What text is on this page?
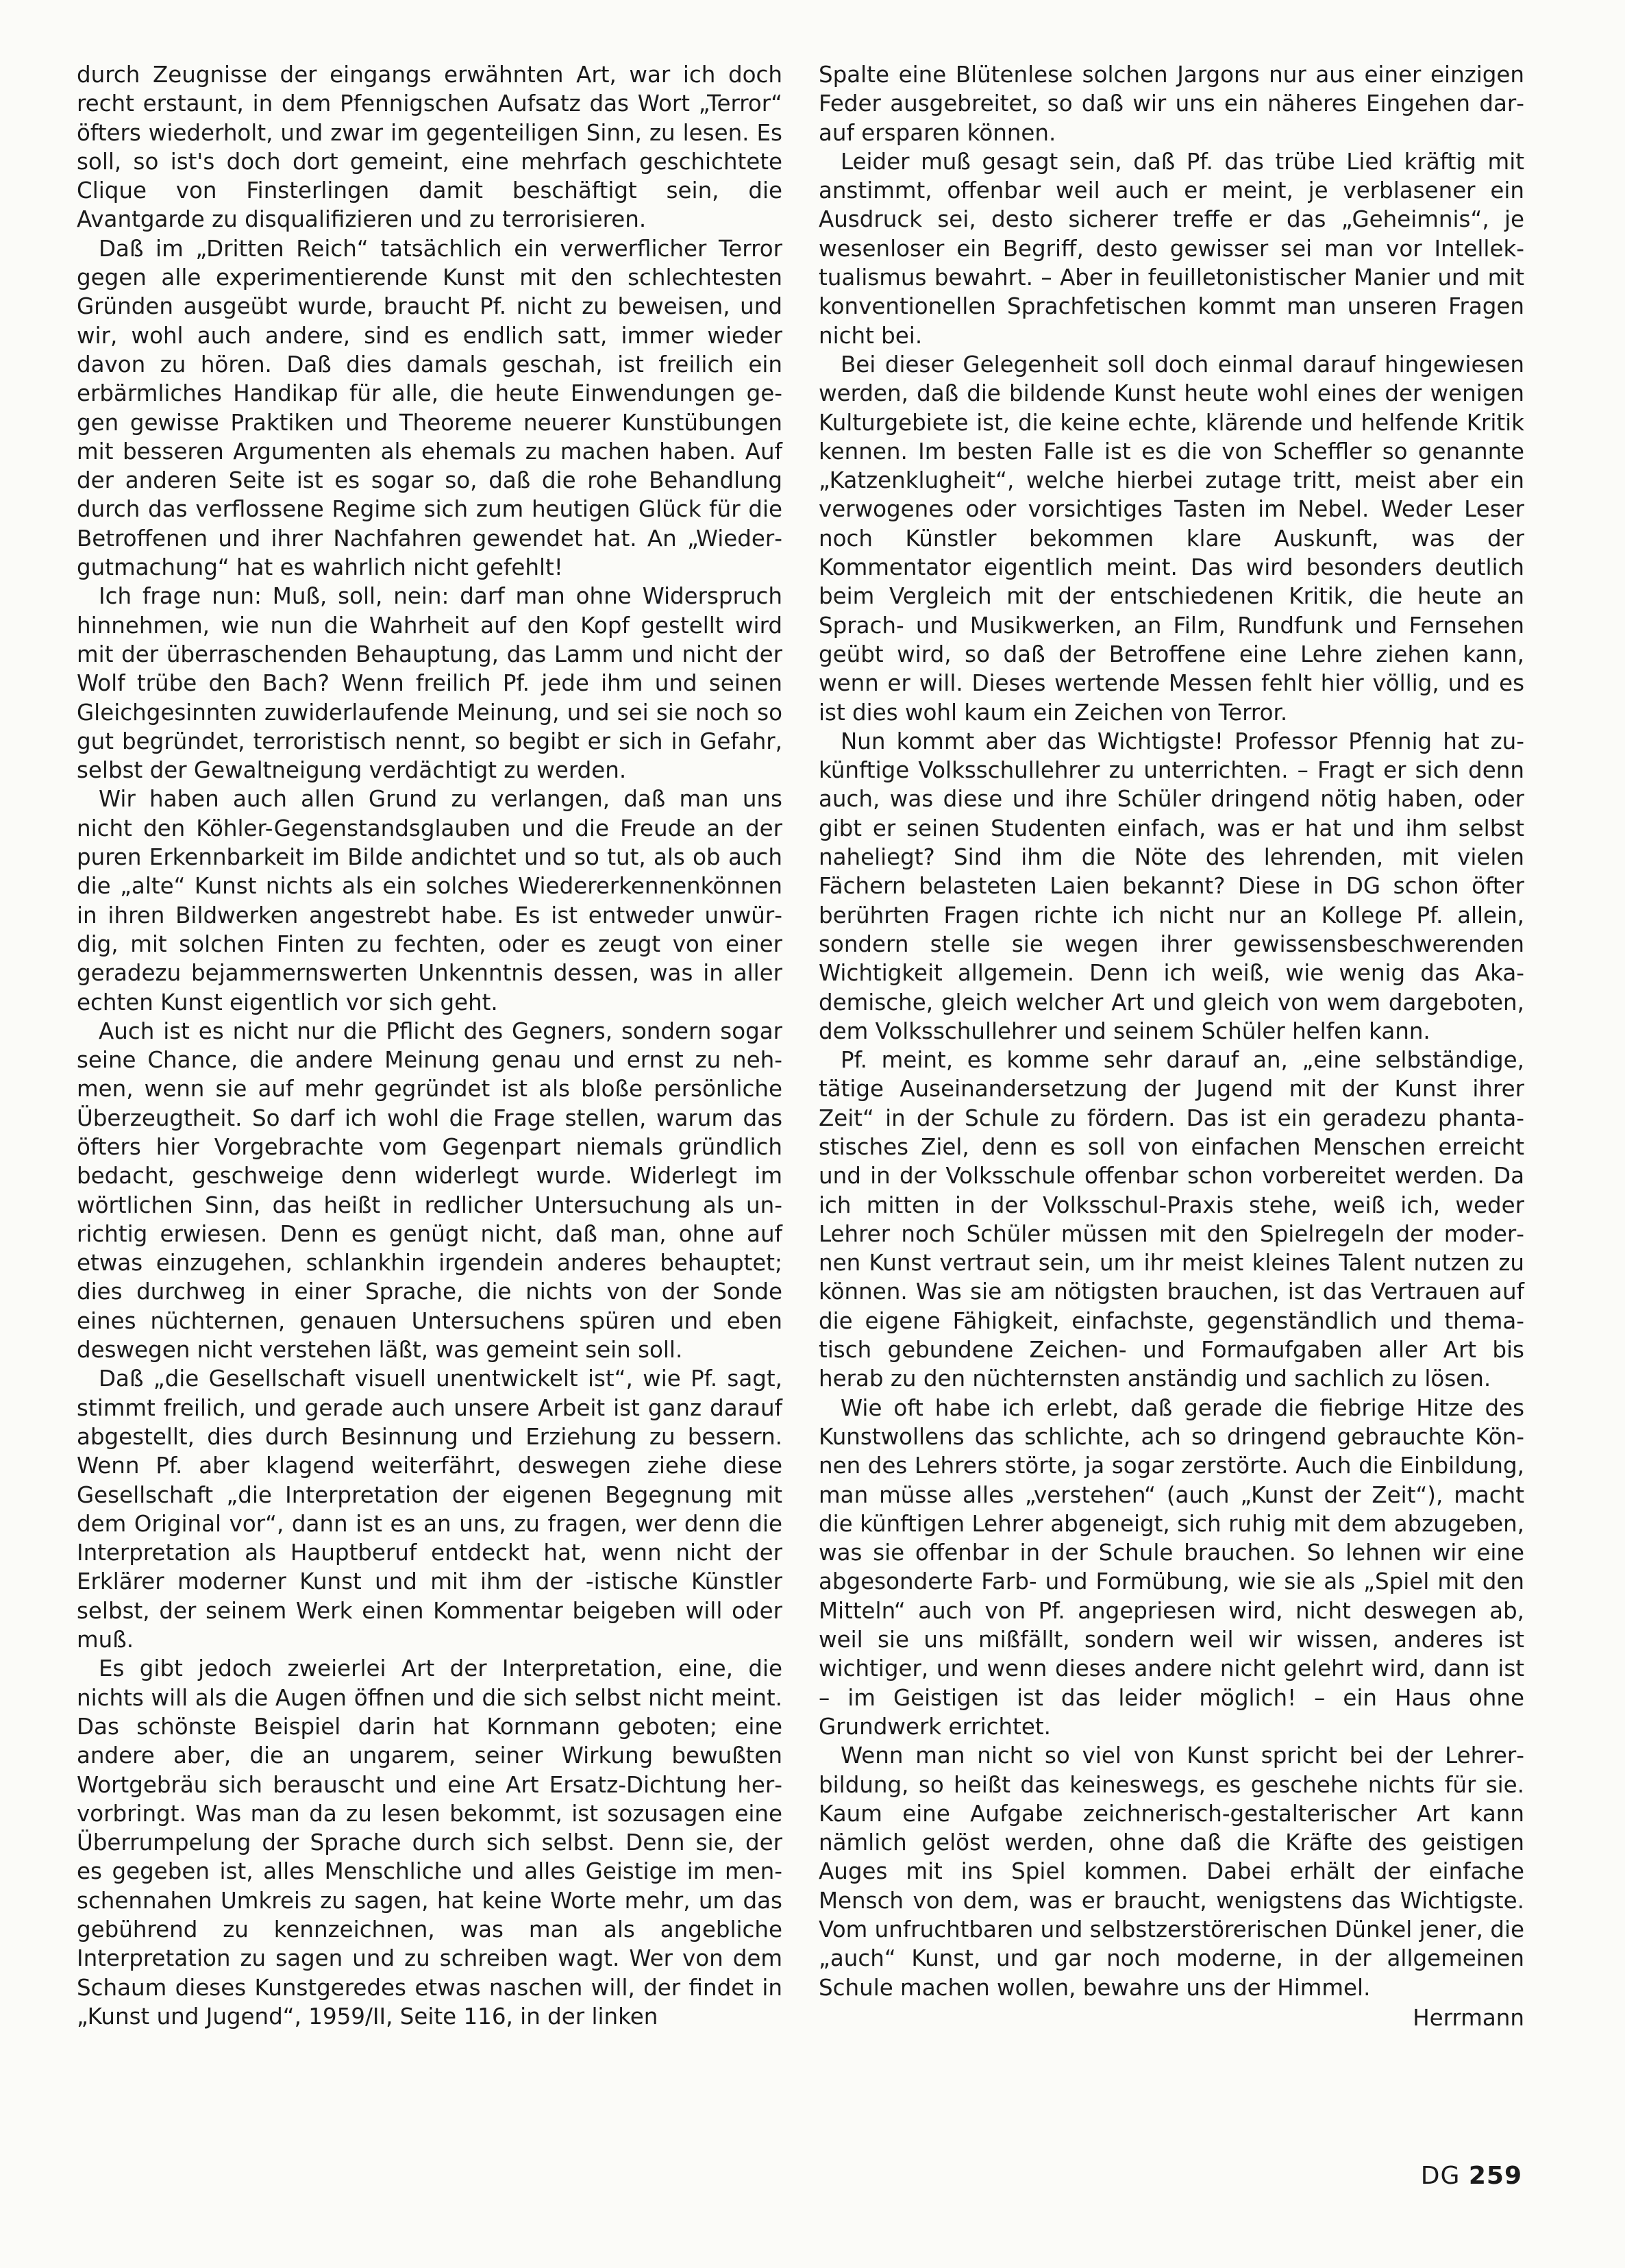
durch Zeugnisse der eingangs erwähnten Art, war ich doch recht erstaunt, in dem Pfennigschen Aufsatz das Wort „Terror“ öfters wiederholt, und zwar im gegenteiligen Sinn, zu lesen. Es soll, so ist's doch dort gemeint, eine mehrfach geschichtete Clique von Finsterlingen damit beschäftigt sein, die Avantgarde zu disqualifizieren und zu terrorisieren.

Daß im „Dritten Reich“ tatsächlich ein verwerflicher Terror gegen alle experimentierende Kunst mit den schlechtesten Gründen ausgeübt wurde, braucht Pf. nicht zu beweisen, und wir, wohl auch andere, sind es endlich satt, immer wieder davon zu hören. Daß dies damals geschah, ist freilich ein erbärmliches Handikap für alle, die heute Einwendungen gegen gewisse Praktiken und Theoreme neuerer Kunstübungen mit besseren Argumenten als ehemals zu machen haben. Auf der anderen Seite ist es sogar so, daß die rohe Behandlung durch das verflossene Regime sich zum heutigen Glück für die Betroffenen und ihrer Nachfahren gewendet hat. An „Wiedergutmachung“ hat es wahrlich nicht gefehlt!

Ich frage nun: Muß, soll, nein: darf man ohne Widerspruch hinnehmen, wie nun die Wahrheit auf den Kopf gestellt wird mit der überraschenden Behauptung, das Lamm und nicht der Wolf trübe den Bach? Wenn freilich Pf. jede ihm und seinen Gleichgesinnten zuwiderlaufende Meinung, und sei sie noch so gut begründet, terroristisch nennt, so begibt er sich in Gefahr, selbst der Gewaltneigung verdächtigt zu werden.

Wir haben auch allen Grund zu verlangen, daß man uns nicht den Köhler-Gegenstandsglauben und die Freude an der puren Erkennbarkeit im Bilde andichtet und so tut, als ob auch die „alte“ Kunst nichts als ein solches Wiedererkennenkönnen in ihren Bildwerken angestrebt habe. Es ist entweder unwürdig, mit solchen Finten zu fechten, oder es zeugt von einer geradezu bejammernswerten Unkenntnis dessen, was in aller echten Kunst eigentlich vor sich geht.

Auch ist es nicht nur die Pflicht des Gegners, sondern sogar seine Chance, die andere Meinung genau und ernst zu nehmen, wenn sie auf mehr gegründet ist als bloße persönliche Überzeugtheit. So darf ich wohl die Frage stellen, warum das öfters hier Vorgebrachte vom Gegenpart niemals gründlich bedacht, geschweige denn widerlegt wurde. Widerlegt im wörtlichen Sinn, das heißt in redlicher Untersuchung als unrichtig erwiesen. Denn es genügt nicht, daß man, ohne auf etwas einzugehen, schlankhin irgendein anderes behauptet; dies durchweg in einer Sprache, die nichts von der Sonde eines nüchternen, genauen Untersuchens spüren und eben deswegen nicht verstehen läßt, was gemeint sein soll.

Daß „die Gesellschaft visuell unentwickelt ist“, wie Pf. sagt, stimmt freilich, und gerade auch unsere Arbeit ist ganz darauf abgestellt, dies durch Besinnung und Erziehung zu bessern. Wenn Pf. aber klagend weiterfährt, deswegen ziehe diese Gesellschaft „die Interpretation der eigenen Begegnung mit dem Original vor“, dann ist es an uns, zu fragen, wer denn die Interpretation als Hauptberuf entdeckt hat, wenn nicht der Erklärer moderner Kunst und mit ihm der -istische Künstler selbst, der seinem Werk einen Kommentar beigeben will oder muß.

Es gibt jedoch zweierlei Art der Interpretation, eine, die nichts will als die Augen öffnen und die sich selbst nicht meint. Das schönste Beispiel darin hat Kornmann geboten; eine andere aber, die an ungarem, seiner Wirkung bewußten Wortgebräu sich berauscht und eine Art Ersatz-Dichtung hervorbringt. Was man da zu lesen bekommt, ist sozusagen eine Überrumpelung der Sprache durch sich selbst. Denn sie, der es gegeben ist, alles Menschliche und alles Geistige im menschennahen Umkreis zu sagen, hat keine Worte mehr, um das gebührend zu kennzeichnen, was man als angebliche Interpretation zu sagen und zu schreiben wagt. Wer von dem Schaum dieses Kunstgeredes etwas naschen will, der findet in „Kunst und Jugend“, 1959/II, Seite 116, in der linken

Spalte eine Blütenlese solchen Jargons nur aus einer einzigen Feder ausgebreitet, so daß wir uns ein näheres Eingehen darauf ersparen können.

Leider muß gesagt sein, daß Pf. das trübe Lied kräftig mit anstimmt, offenbar weil auch er meint, je verblasener ein Ausdruck sei, desto sicherer treffe er das „Geheimnis“, je wesenloser ein Begriff, desto gewisser sei man vor Intellektualismus bewahrt. – Aber in feuilletonistischer Manier und mit konventionellen Sprachfetischen kommt man unseren Fragen nicht bei.

Bei dieser Gelegenheit soll doch einmal darauf hingewiesen werden, daß die bildende Kunst heute wohl eines der wenigen Kulturgebiete ist, die keine echte, klärende und helfende Kritik kennen. Im besten Falle ist es die von Scheffler so genannte „Katzenklugheit“, welche hierbei zutage tritt, meist aber ein verwogenes oder vorsichtiges Tasten im Nebel. Weder Leser noch Künstler bekommen klare Auskunft, was der Kommentator eigentlich meint. Das wird besonders deutlich beim Vergleich mit der entschiedenen Kritik, die heute an Sprach- und Musikwerken, an Film, Rundfunk und Fernsehen geübt wird, so daß der Betroffene eine Lehre ziehen kann, wenn er will. Dieses wertende Messen fehlt hier völlig, und es ist dies wohl kaum ein Zeichen von Terror.

Nun kommt aber das Wichtigste! Professor Pfennig hat zukünftige Volksschullehrer zu unterrichten. – Fragt er sich denn auch, was diese und ihre Schüler dringend nötig haben, oder gibt er seinen Studenten einfach, was er hat und ihm selbst naheliegt? Sind ihm die Nöte des lehrenden, mit vielen Fächern belasteten Laien bekannt? Diese in DG schon öfter berührten Fragen richte ich nicht nur an Kollege Pf. allein, sondern stelle sie wegen ihrer gewissensbeschwerenden Wichtigkeit allgemein. Denn ich weiß, wie wenig das Akademische, gleich welcher Art und gleich von wem dargeboten, dem Volksschullehrer und seinem Schüler helfen kann.

Pf. meint, es komme sehr darauf an, „eine selbständige, tätige Auseinandersetzung der Jugend mit der Kunst ihrer Zeit“ in der Schule zu fördern. Das ist ein geradezu phantastisches Ziel, denn es soll von einfachen Menschen erreicht und in der Volksschule offenbar schon vorbereitet werden. Da ich mitten in der Volksschul-Praxis stehe, weiß ich, weder Lehrer noch Schüler müssen mit den Spielregeln der modernen Kunst vertraut sein, um ihr meist kleines Talent nutzen zu können. Was sie am nötigsten brauchen, ist das Vertrauen auf die eigene Fähigkeit, einfachste, gegenständlich und thematisch gebundene Zeichen- und Formaufgaben aller Art bis herab zu den nüchternsten anständig und sachlich zu lösen.

Wie oft habe ich erlebt, daß gerade die fiebrige Hitze des Kunstwollens das schlichte, ach so dringend gebrauchte Können des Lehrers störte, ja sogar zerstörte. Auch die Einbildung, man müsse alles „verstehen“ (auch „Kunst der Zeit“), macht die künftigen Lehrer abgeneigt, sich ruhig mit dem abzugeben, was sie offenbar in der Schule brauchen. So lehnen wir eine abgesonderte Farb- und Formübung, wie sie als „Spiel mit den Mitteln“ auch von Pf. angepriesen wird, nicht deswegen ab, weil sie uns mißfällt, sondern weil wir wissen, anderes ist wichtiger, und wenn dieses andere nicht gelehrt wird, dann ist – im Geistigen ist das leider möglich! – ein Haus ohne Grundwerk errichtet.

Wenn man nicht so viel von Kunst spricht bei der Lehrerbildung, so heißt das keineswegs, es geschehe nichts für sie. Kaum eine Aufgabe zeichnerisch-gestalterischer Art kann nämlich gelöst werden, ohne daß die Kräfte des geistigen Auges mit ins Spiel kommen. Dabei erhält der einfache Mensch von dem, was er braucht, wenigstens das Wichtigste. Vom unfruchtbaren und selbstzerstörerischen Dünkel jener, die „auch“ Kunst, und gar noch moderne, in der allgemeinen Schule machen wollen, bewahre uns der Himmel.

Herrmann
DG 259
